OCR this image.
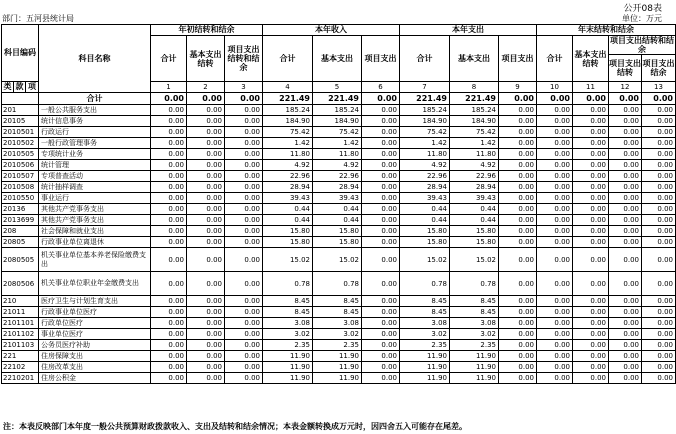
公开08表
部门：五河县统计局	单位：万元
科目编码			科目名称	年初结转和结余			本年收入			本年支出			年末结转和结余			
				合计	基本支出结转	项目支出结转和结余	合计	基本支出	项目支出	合计	基本支出	项目支出	合计	基本支出结转	项目支出结转和结余	
															项目支出结转	项目支出结余
类	款	项		1	2	3	4	5	6	7	8	9	10	11	12	13
			合计	0.00	0.00	0.00	221.49	221.49	0.00	221.49	221.49	0.00	0.00	0.00	0.00	0.00
201			一般公共服务支出	0.00	0.00	0.00	185.24	185.24	0.00	185.24	185.24	0.00	0.00	0.00	0.00	0.00
20105			统计信息事务	0.00	0.00	0.00	184.90	184.90	0.00	184.90	184.90	0.00	0.00	0.00	0.00	0.00
2010501			行政运行	0.00	0.00	0.00	75.42	75.42	0.00	75.42	75.42	0.00	0.00	0.00	0.00	0.00
2010502			一般行政管理事务	0.00	0.00	0.00	1.42	1.42	0.00	1.42	1.42	0.00	0.00	0.00	0.00	0.00
2010505			专项统计业务	0.00	0.00	0.00	11.80	11.80	0.00	11.80	11.80	0.00	0.00	0.00	0.00	0.00
2010506			统计管理	0.00	0.00	0.00	4.92	4.92	0.00	4.92	4.92	0.00	0.00	0.00	0.00	0.00
2010507			专项普查活动	0.00	0.00	0.00	22.96	22.96	0.00	22.96	22.96	0.00	0.00	0.00	0.00	0.00
2010508			统计抽样调查	0.00	0.00	0.00	28.94	28.94	0.00	28.94	28.94	0.00	0.00	0.00	0.00	0.00
2010550			事业运行	0.00	0.00	0.00	39.43	39.43	0.00	39.43	39.43	0.00	0.00	0.00	0.00	0.00
20136			其他共产党事务支出	0.00	0.00	0.00	0.44	0.44	0.00	0.44	0.44	0.00	0.00	0.00	0.00	0.00
2013699			其他共产党事务支出	0.00	0.00	0.00	0.44	0.44	0.00	0.44	0.44	0.00	0.00	0.00	0.00	0.00
208			社会保障和就业支出	0.00	0.00	0.00	15.80	15.80	0.00	15.80	15.80	0.00	0.00	0.00	0.00	0.00
20805			行政事业单位离退休	0.00	0.00	0.00	15.80	15.80	0.00	15.80	15.80	0.00	0.00	0.00	0.00	0.00
2080505			机关事业单位基本养老保险缴费支出	0.00	0.00	0.00	15.02	15.02	0.00	15.02	15.02	0.00	0.00	0.00	0.00	0.00
2080506			机关事业单位职业年金缴费支出	0.00	0.00	0.00	0.78	0.78	0.00	0.78	0.78	0.00	0.00	0.00	0.00	0.00
210			医疗卫生与计划生育支出	0.00	0.00	0.00	8.45	8.45	0.00	8.45	8.45	0.00	0.00	0.00	0.00	0.00
21011			行政事业单位医疗	0.00	0.00	0.00	8.45	8.45	0.00	8.45	8.45	0.00	0.00	0.00	0.00	0.00
2101101			行政单位医疗	0.00	0.00	0.00	3.08	3.08	0.00	3.08	3.08	0.00	0.00	0.00	0.00	0.00
2101102			事业单位医疗	0.00	0.00	0.00	3.02	3.02	0.00	3.02	3.02	0.00	0.00	0.00	0.00	0.00
2101103			公务员医疗补助	0.00	0.00	0.00	2.35	2.35	0.00	2.35	2.35	0.00	0.00	0.00	0.00	0.00
221			住房保障支出	0.00	0.00	0.00	11.90	11.90	0.00	11.90	11.90	0.00	0.00	0.00	0.00	0.00
22102			住房改革支出	0.00	0.00	0.00	11.90	11.90	0.00	11.90	11.90	0.00	0.00	0.00	0.00	0.00
2210201			住房公积金	0.00	0.00	0.00	11.90	11.90	0.00	11.90	11.90	0.00	0.00	0.00	0.00	0.00
注：本表反映部门本年度一般公共预算财政拨款收入、支出及结转和结余情况；本表金额转换成万元时，因四舍五入可能存在尾差。
